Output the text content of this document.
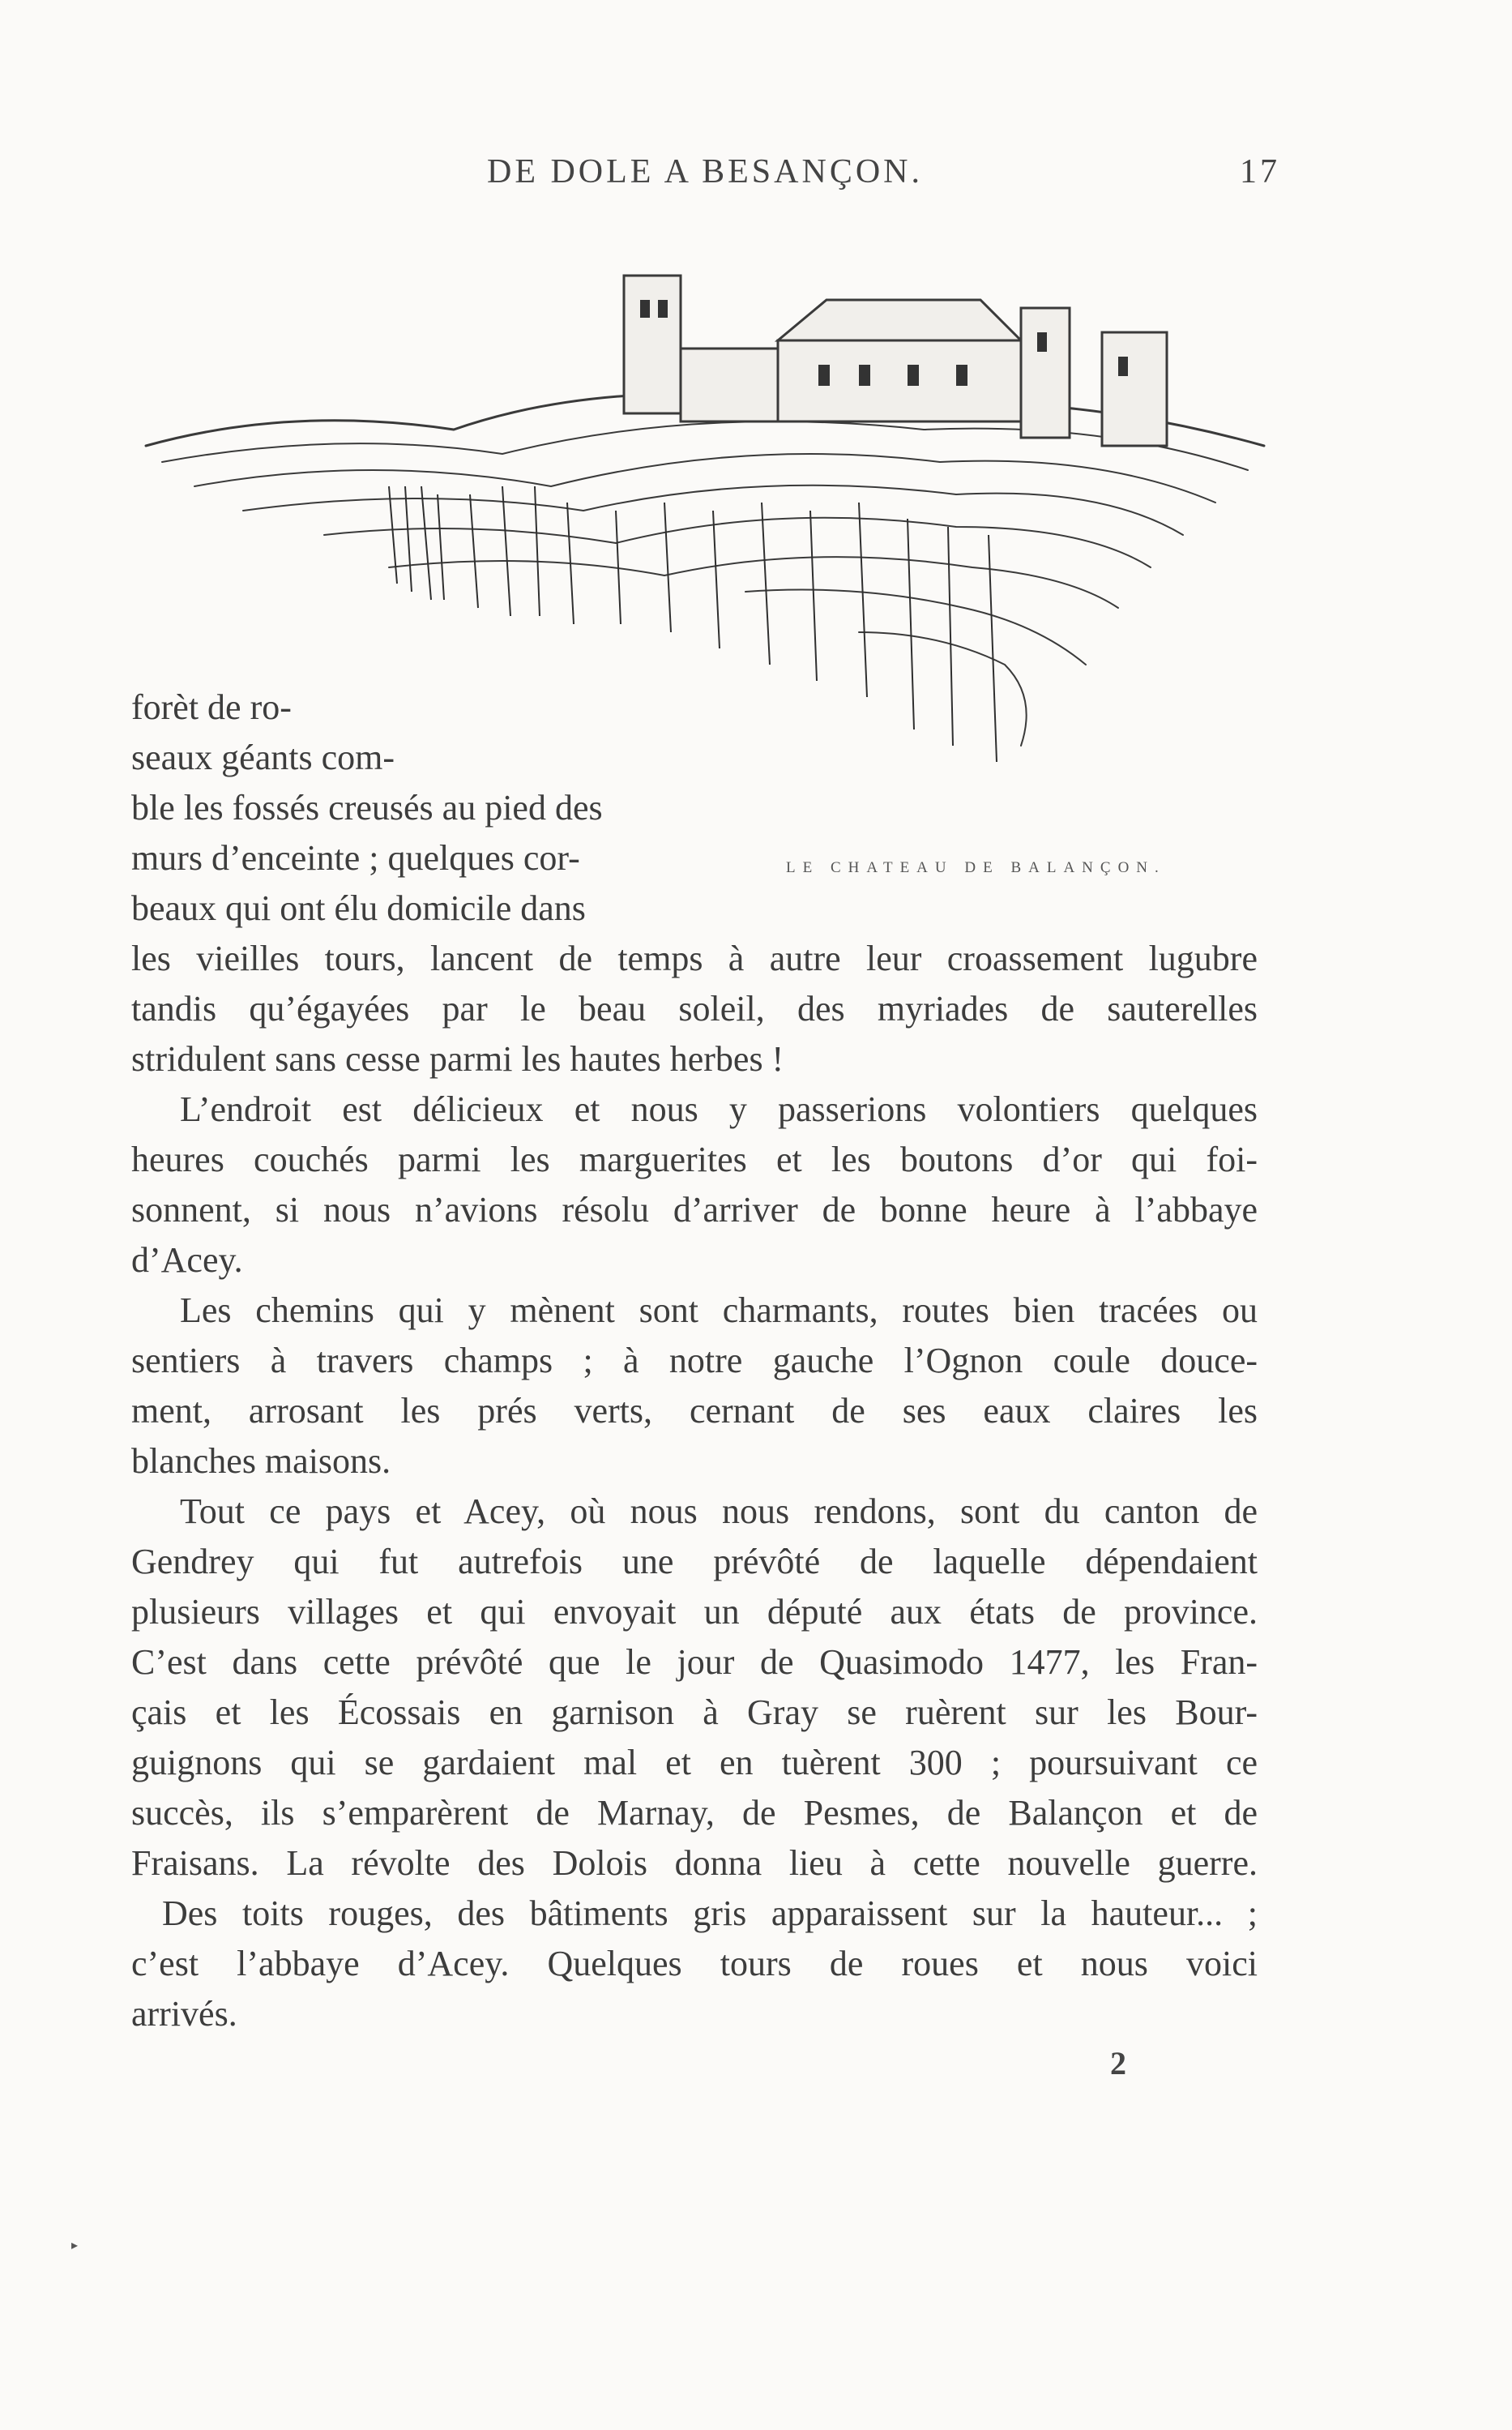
DE DOLE A BESANÇON.	17
LE CHATEAU DE BALANÇON.
forèt de ro-
seaux géants com-
ble les fossés creusés au pied des
murs d’enceinte ; quelques cor-
beaux qui ont élu domicile dans
les vieilles tours, lancent de temps à autre leur croassement lugubre
tandis qu’égayées par le beau soleil, des myriades de sauterelles
stridulent sans cesse parmi les hautes herbes !
L’endroit est délicieux et nous y passerions volontiers quelques
heures couchés parmi les marguerites et les boutons d’or qui foi-
sonnent, si nous n’avions résolu d’arriver de bonne heure à l’abbaye
d’Acey.
Les chemins qui y mènent sont charmants, routes bien tracées ou
sentiers à travers champs ; à notre gauche l’Ognon coule douce-
ment, arrosant les prés verts, cernant de ses eaux claires les
blanches maisons.
Tout ce pays et Acey, où nous nous rendons, sont du canton de
Gendrey qui fut autrefois une prévôté de laquelle dépendaient
plusieurs villages et qui envoyait un député aux états de province.
C’est dans cette prévôté que le jour de Quasimodo 1477, les Fran-
çais et les Écossais en garnison à Gray se ruèrent sur les Bour-
guignons qui se gardaient mal et en tuèrent 300 ; poursuivant ce
succès, ils s’emparèrent de Marnay, de Pesmes, de Balançon et de
Fraisans. La révolte des Dolois donna lieu à cette nouvelle guerre.
Des toits rouges, des bâtiments gris apparaissent sur la hauteur... ;
c’est l’abbaye d’Acey. Quelques tours de roues et nous voici
arrivés.
2
▸
